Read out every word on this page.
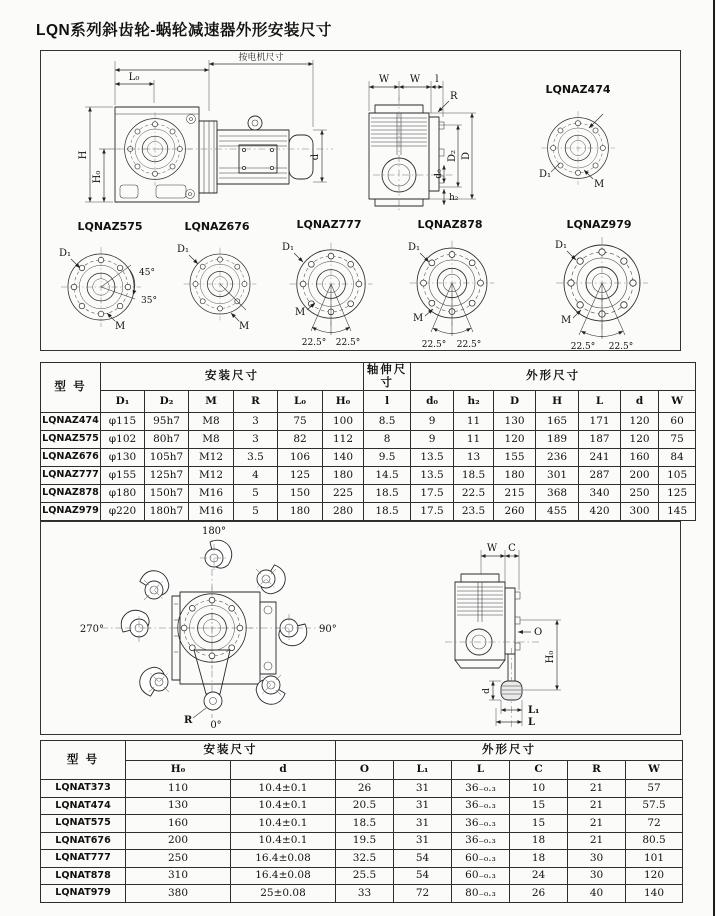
LQN系列斜齿轮-蜗轮减速器外形安装尺寸
按电机尺寸
L₀
H
H₀
d
W W l
R
D₂ D
d₀
h₂
LQNAZ474
D₁
M
LQNAZ575
D₁
45°
35°
M
LQNAZ676
D₁
M
LQNAZ777
D₁
M
22.5° 22.5°
LQNAZ878
D₁
M
22.5° 22.5°
LQNAZ979
D₁
M
22.5° 22.5°
型 号	安装尺寸						轴伸尺寸	外形尺寸						
	D₁	D₂	M	R	L₀	H₀	l	d₀	h₂	D	H	L	d	W
LQNAZ474	φ115	95h7	M8	3	75	100	8.5	9	11	130	165	171	120	60
LQNAZ575	φ102	80h7	M8	3	82	112	8	9	11	120	189	187	120	75
LQNAZ676	φ130	105h7	M12	3.5	106	140	9.5	13.5	13	155	236	241	160	84
LQNAZ777	φ155	125h7	M12	4	125	180	14.5	13.5	18.5	180	301	287	200	105
LQNAZ878	φ180	150h7	M16	5	150	225	18.5	17.5	22.5	215	368	340	250	125
LQNAZ979	φ220	180h7	M16	5	180	280	18.5	17.5	23.5	260	455	420	300	145
180°
270°	90°
0°
R
W C
O
H₀
d
L₁
L
型 号	安装尺寸		外形尺寸					
	H₀	d	O	L₁	L	C	R	W
LQNAT373	110	10.4±0.1	26	31	36₋₀.₃	10	21	57
LQNAT474	130	10.4±0.1	20.5	31	36₋₀.₃	15	21	57.5
LQNAT575	160	10.4±0.1	18.5	31	36₋₀.₃	15	21	72
LQNAT676	200	10.4±0.1	19.5	31	36₋₀.₃	18	21	80.5
LQNAT777	250	16.4±0.08	32.5	54	60₋₀.₃	18	30	101
LQNAT878	310	16.4±0.08	25.5	54	60₋₀.₃	24	30	120
LQNAT979	380	25±0.08	33	72	80₋₀.₃	26	40	140
